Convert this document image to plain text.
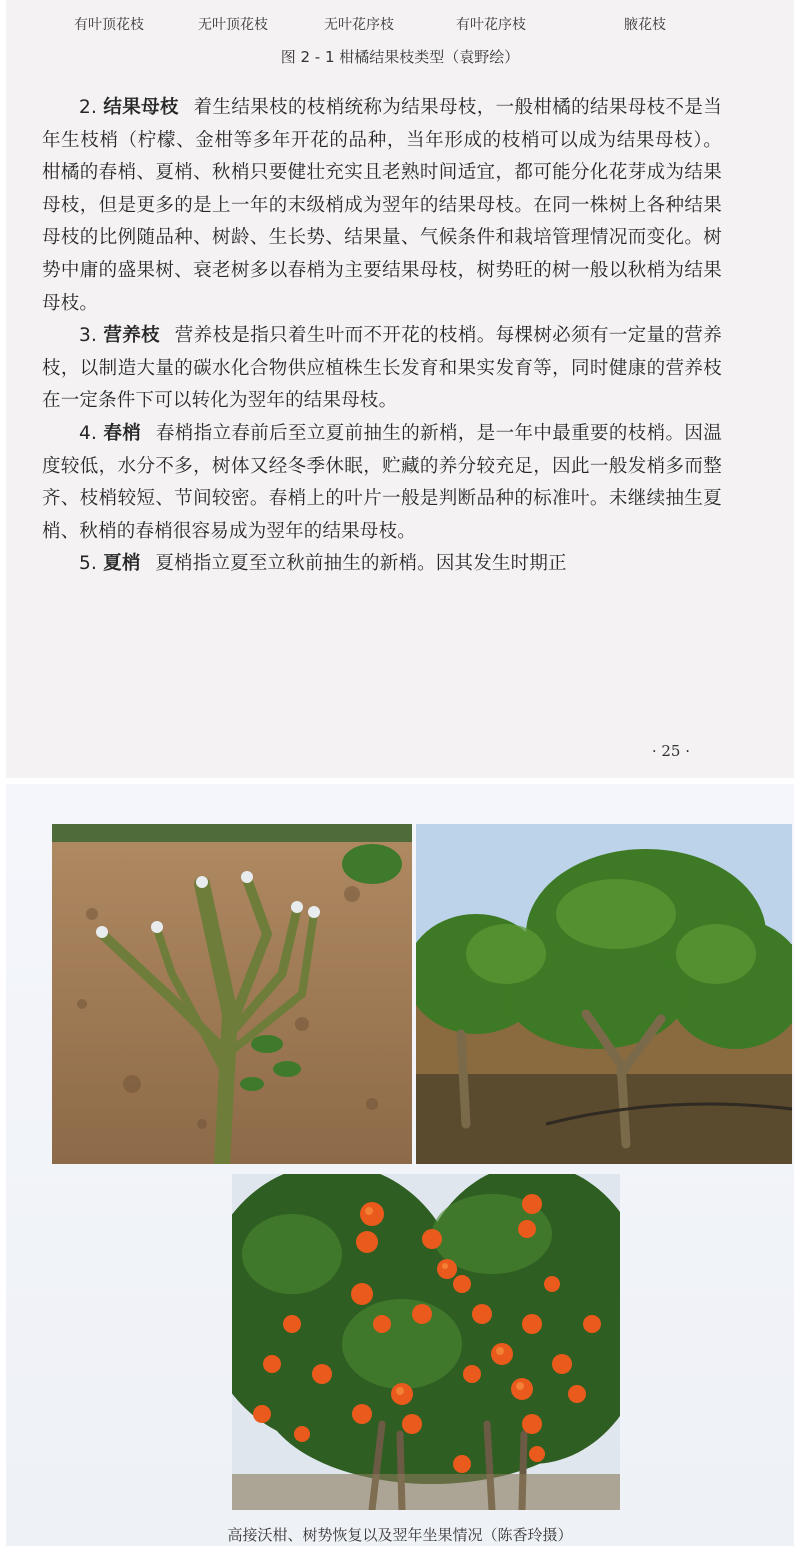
有叶顶花枝	无叶顶花枝	无叶花序枝	有叶花序枝	腋花枝
图 2 - 1 柑橘结果枝类型（袁野绘）

2. 结果母枝 着生结果枝的枝梢统称为结果母枝，一般柑橘的结果母枝不是当年生枝梢（柠檬、金柑等多年开花的品种，当年形成的枝梢可以成为结果母枝）。柑橘的春梢、夏梢、秋梢只要健壮充实且老熟时间适宜，都可能分化花芽成为结果母枝，但是更多的是上一年的末级梢成为翌年的结果母枝。在同一株树上各种结果母枝的比例随品种、树龄、生长势、结果量、气候条件和栽培管理情况而变化。树势中庸的盛果树、衰老树多以春梢为主要结果母枝，树势旺的树一般以秋梢为结果母枝。

3. 营养枝 营养枝是指只着生叶而不开花的枝梢。每棵树必须有一定量的营养枝，以制造大量的碳水化合物供应植株生长发育和果实发育等，同时健康的营养枝在一定条件下可以转化为翌年的结果母枝。

4. 春梢 春梢指立春前后至立夏前抽生的新梢，是一年中最重要的枝梢。因温度较低，水分不多，树体又经冬季休眠，贮藏的养分较充足，因此一般发梢多而整齐、枝梢较短、节间较密。春梢上的叶片一般是判断品种的标准叶。未继续抽生夏梢、秋梢的春梢很容易成为翌年的结果母枝。

5. 夏梢 夏梢指立夏至立秋前抽生的新梢。因其发生时期正

· 25 ·
高接沃柑、树势恢复以及翌年坐果情况（陈香玲摄）
